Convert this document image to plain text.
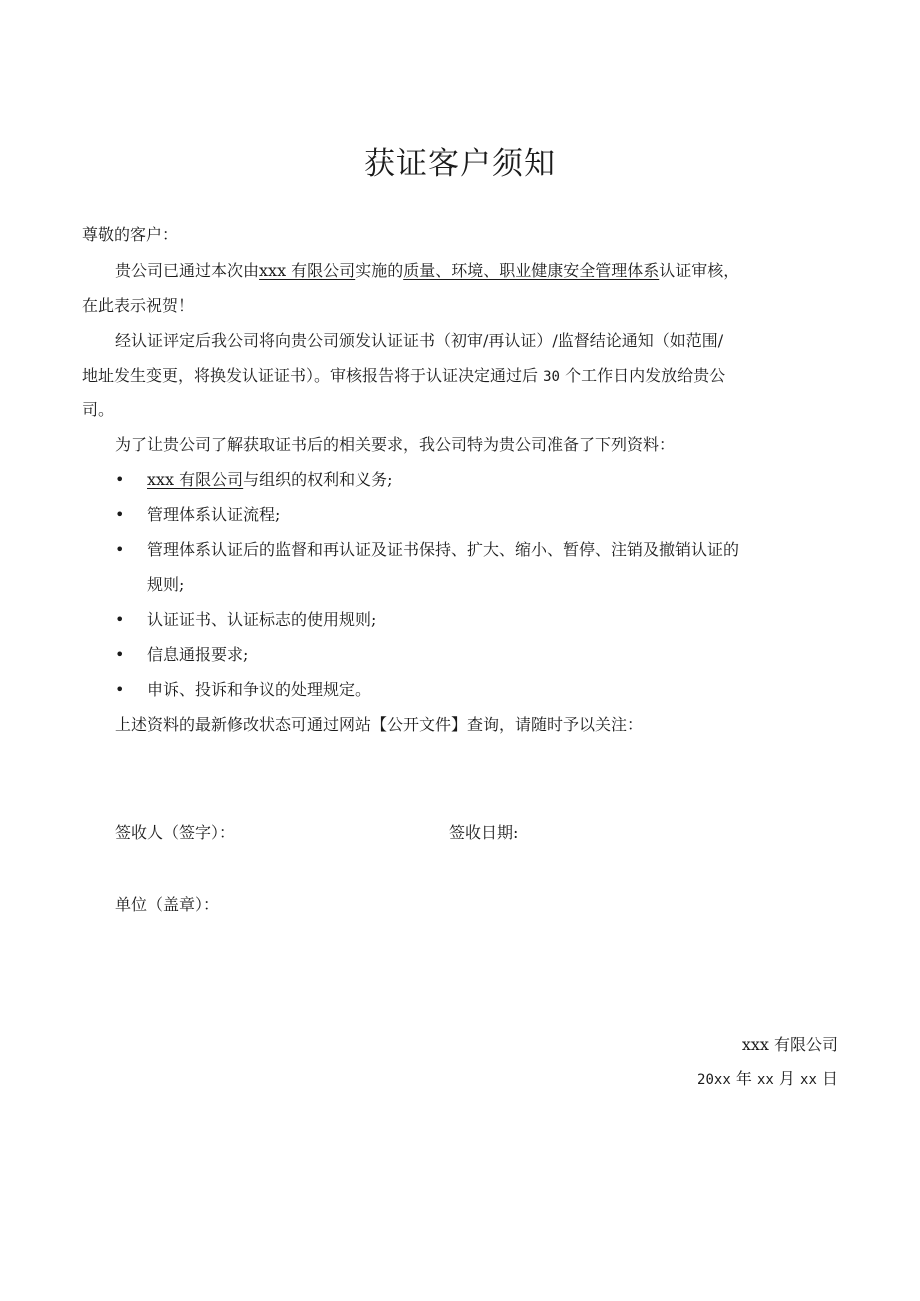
获证客户须知
尊敬的客户：
贵公司已通过本次由xxx 有限公司实施的质量、环境、职业健康安全管理体系认证审核，
在此表示祝贺！
经认证评定后我公司将向贵公司颁发认证证书（初审/再认证）/监督结论通知（如范围/
地址发生变更，将换发认证证书）。审核报告将于认证决定通过后 30 个工作日内发放给贵公
司。
为了让贵公司了解获取证书后的相关要求，我公司特为贵公司准备了下列资料：
• xxx 有限公司与组织的权利和义务;
• 管理体系认证流程;
• 管理体系认证后的监督和再认证及证书保持、扩大、缩小、暂停、注销及撤销认证的
规则;
• 认证证书、认证标志的使用规则;
• 信息通报要求;
• 申诉、投诉和争议的处理规定。
上述资料的最新修改状态可通过网站【公开文件】查询，请随时予以关注：
签收人（签字）：	签收日期:
单位（盖章）：
xxx 有限公司
20xx 年 xx 月 xx 日
